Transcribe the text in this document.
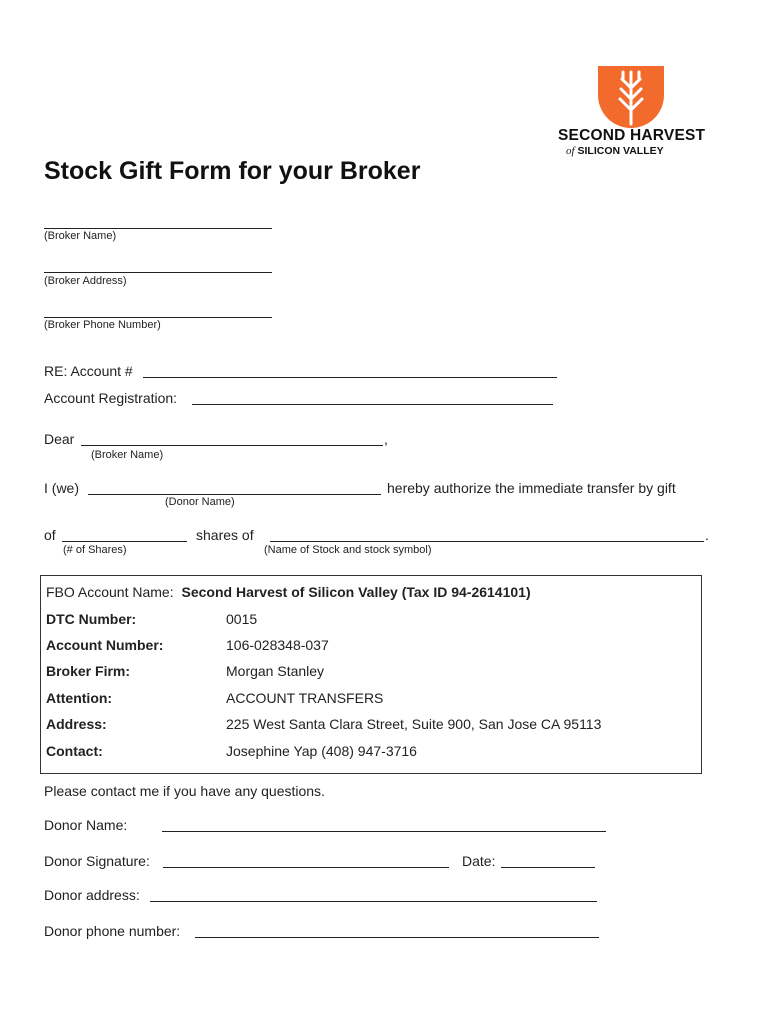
SECOND HARVEST
of SILICON VALLEY
Stock Gift Form for your Broker
(Broker Name)
(Broker Address)
(Broker Phone Number)
RE: Account #
Account Registration:
Dear	,
(Broker Name)
I (we)	hereby authorize the immediate transfer by gift
(Donor Name)
of	shares of	.
(# of Shares)	(Name of Stock and stock symbol)
FBO Account Name: Second Harvest of Silicon Valley (Tax ID 94-2614101)
DTC Number:	0015
Account Number:	106-028348-037
Broker Firm:	Morgan Stanley
Attention:	ACCOUNT TRANSFERS
Address:	225 West Santa Clara Street, Suite 900, San Jose CA 95113
Contact:	Josephine Yap (408) 947-3716
Please contact me if you have any questions.
Donor Name:
Donor Signature:	Date:
Donor address:
Donor phone number:
